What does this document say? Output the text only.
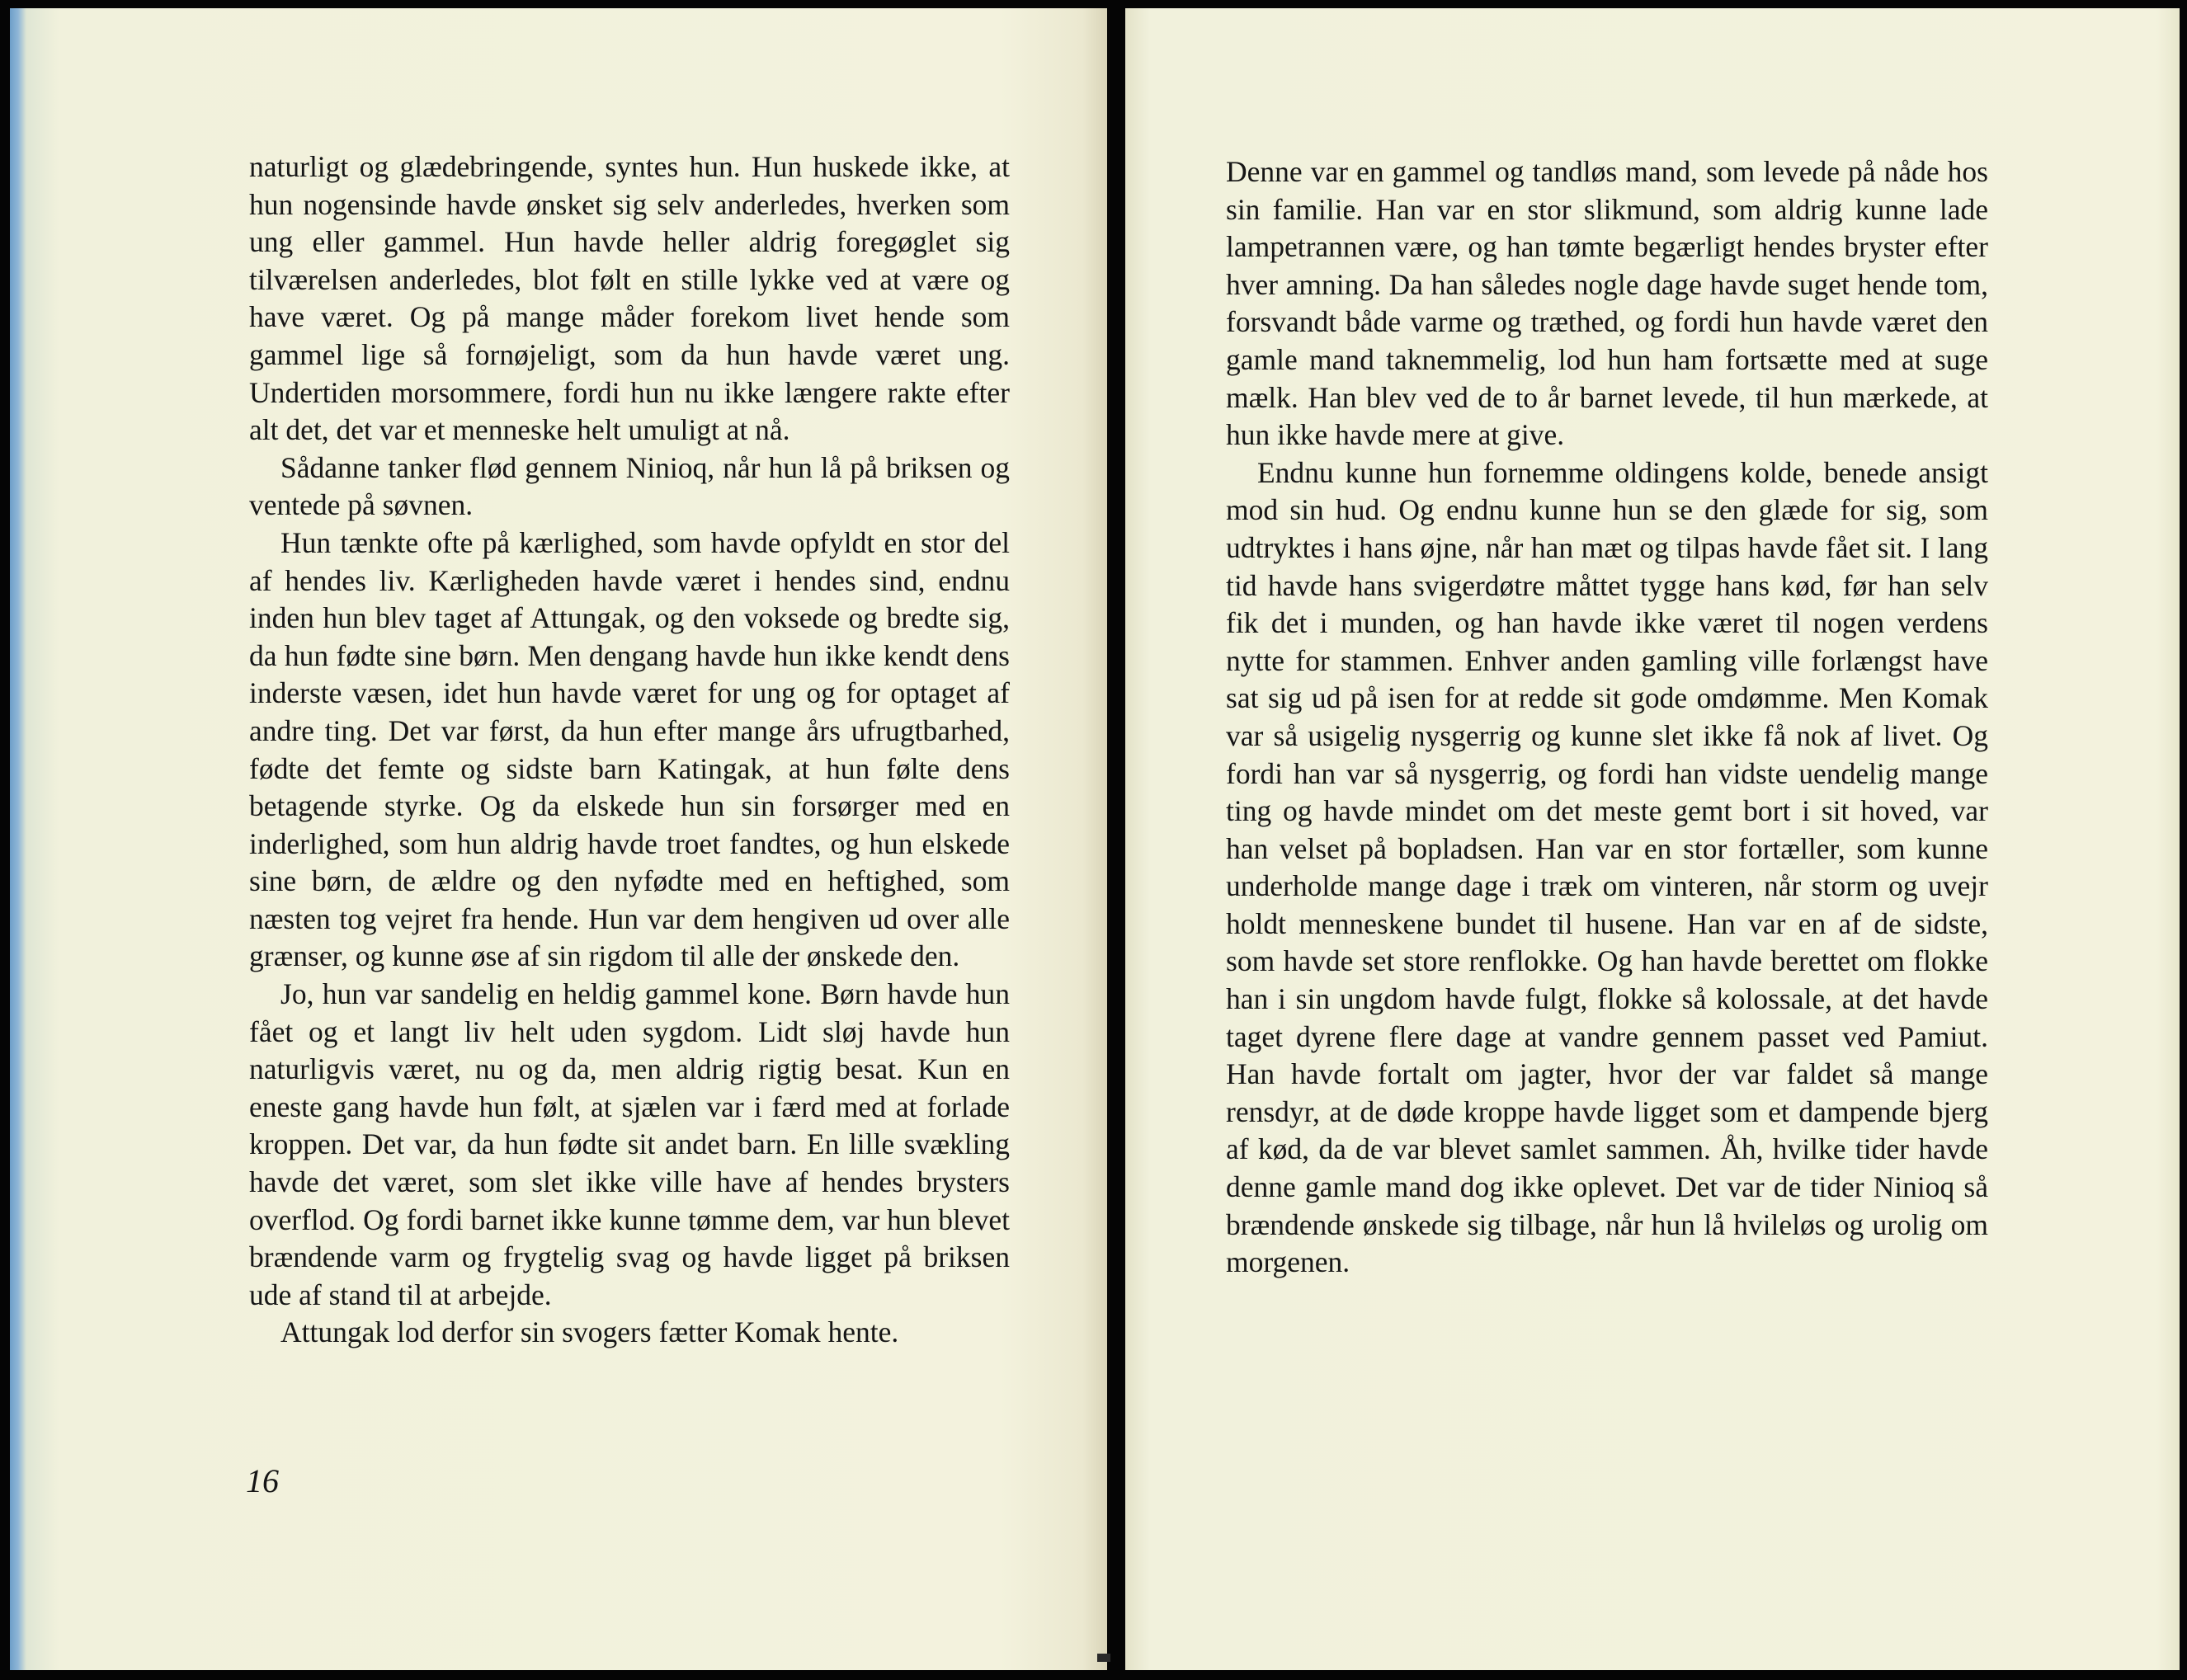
naturligt og glædebringende, syntes hun. Hun huskede ikke, at hun nogensinde havde ønsket sig selv anderledes, hverken som ung eller gammel. Hun havde heller aldrig foregøglet sig tilværelsen anderledes, blot følt en stille lykke ved at være og have været. Og på mange måder forekom livet hende som gammel lige så fornøjeligt, som da hun havde været ung. Undertiden morsommere, fordi hun nu ikke længere rakte efter alt det, det var et menneske helt umuligt at nå.

Sådanne tanker flød gennem Ninioq, når hun lå på briksen og ventede på søvnen.

Hun tænkte ofte på kærlighed, som havde opfyldt en stor del af hendes liv. Kærligheden havde været i hendes sind, endnu inden hun blev taget af Attungak, og den voksede og bredte sig, da hun fødte sine børn. Men dengang havde hun ikke kendt dens inderste væsen, idet hun havde været for ung og for optaget af andre ting. Det var først, da hun efter mange års ufrugtbarhed, fødte det femte og sidste barn Katingak, at hun følte dens betagende styrke. Og da elskede hun sin forsørger med en inderlighed, som hun aldrig havde troet fandtes, og hun elskede sine børn, de ældre og den nyfødte med en heftighed, som næsten tog vejret fra hende. Hun var dem hengiven ud over alle grænser, og kunne øse af sin rigdom til alle der ønskede den.

Jo, hun var sandelig en heldig gammel kone. Børn havde hun fået og et langt liv helt uden sygdom. Lidt sløj havde hun naturligvis været, nu og da, men aldrig rigtig besat. Kun en eneste gang havde hun følt, at sjælen var i færd med at forlade kroppen. Det var, da hun fødte sit andet barn. En lille svækling havde det været, som slet ikke ville have af hendes brysters overflod. Og fordi barnet ikke kunne tømme dem, var hun blevet brændende varm og frygtelig svag og havde ligget på briksen ude af stand til at arbejde.

Attungak lod derfor sin svogers fætter Komak hente.

16

Denne var en gammel og tandløs mand, som levede på nåde hos sin familie. Han var en stor slikmund, som aldrig kunne lade lampetrannen være, og han tømte begærligt hendes bryster efter hver amning. Da han således nogle dage havde suget hende tom, forsvandt både varme og træthed, og fordi hun havde været den gamle mand taknemmelig, lod hun ham fortsætte med at suge mælk. Han blev ved de to år barnet levede, til hun mærkede, at hun ikke havde mere at give.

Endnu kunne hun fornemme oldingens kolde, benede ansigt mod sin hud. Og endnu kunne hun se den glæde for sig, som udtryktes i hans øjne, når han mæt og tilpas havde fået sit. I lang tid havde hans svigerdøtre måttet tygge hans kød, før han selv fik det i munden, og han havde ikke været til nogen verdens nytte for stammen. Enhver anden gamling ville forlængst have sat sig ud på isen for at redde sit gode omdømme. Men Komak var så usigelig nysgerrig og kunne slet ikke få nok af livet. Og fordi han var så nysgerrig, og fordi han vidste uendelig mange ting og havde mindet om det meste gemt bort i sit hoved, var han velset på bopladsen. Han var en stor fortæller, som kunne underholde mange dage i træk om vinteren, når storm og uvejr holdt menneskene bundet til husene. Han var en af de sidste, som havde set store renflokke. Og han havde berettet om flokke han i sin ungdom havde fulgt, flokke så kolossale, at det havde taget dyrene flere dage at vandre gennem passet ved Pamiut. Han havde fortalt om jagter, hvor der var faldet så mange rensdyr, at de døde kroppe havde ligget som et dampende bjerg af kød, da de var blevet samlet sammen. Åh, hvilke tider havde denne gamle mand dog ikke oplevet. Det var de tider Ninioq så brændende ønskede sig tilbage, når hun lå hvileløs og urolig om morgenen.
